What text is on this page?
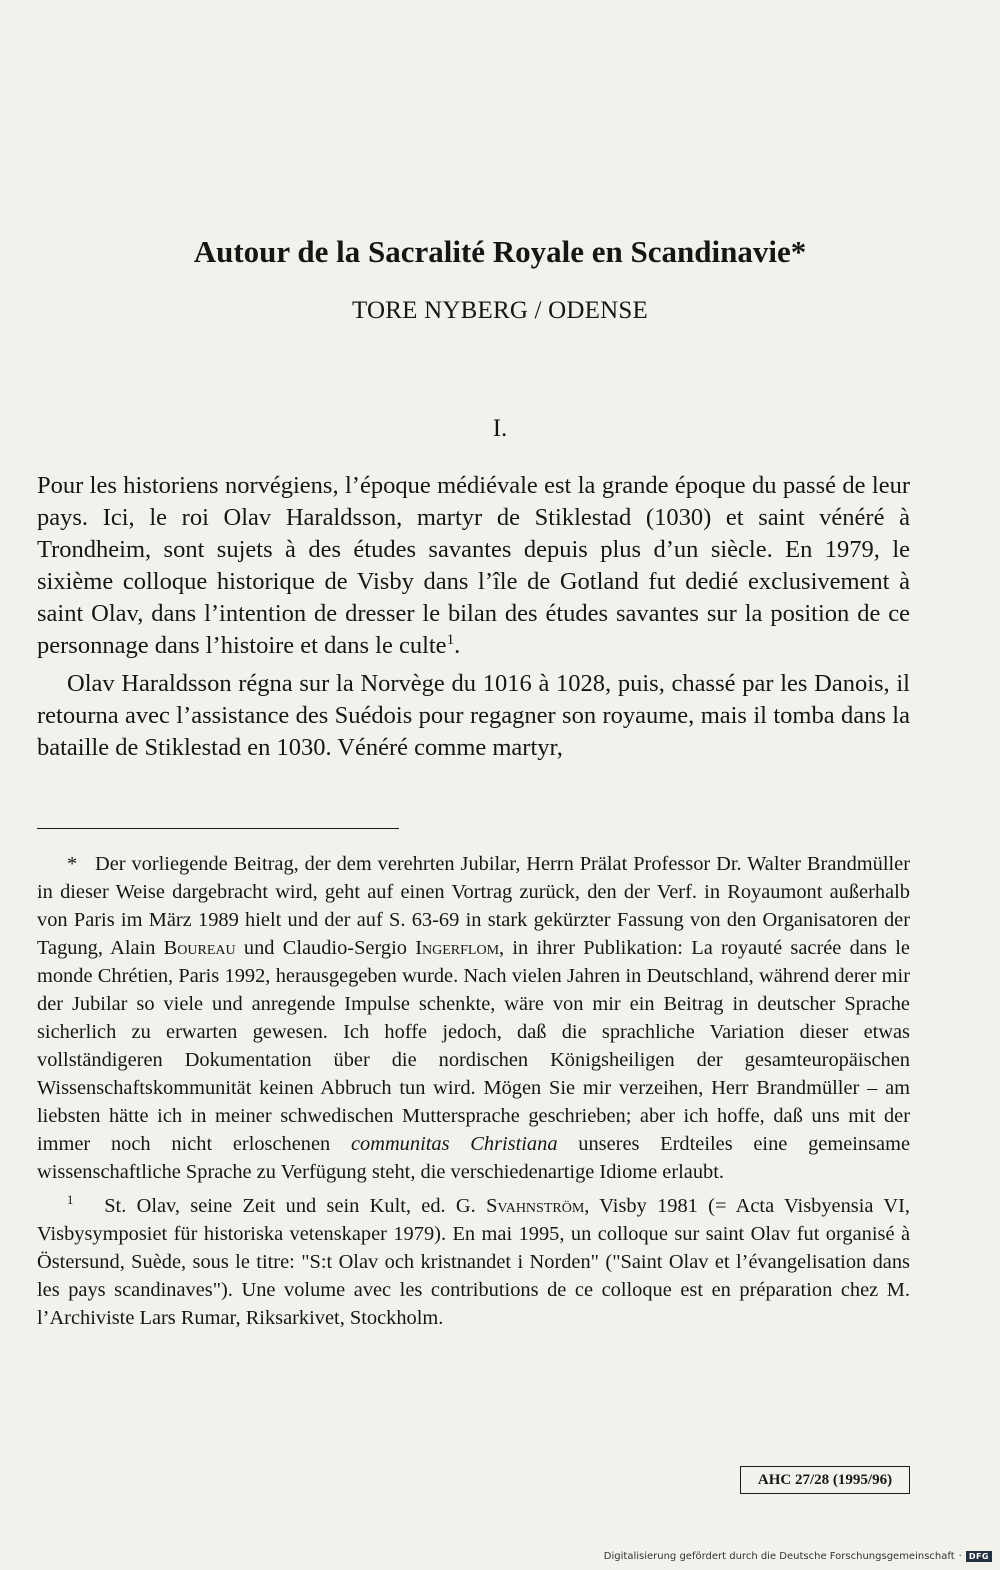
Autour de la Sacralité Royale en Scandinavie*
TORE NYBERG / ODENSE
I.

Pour les historiens norvégiens, l’époque médiévale est la grande époque du passé de leur pays. Ici, le roi Olav Haraldsson, martyr de Stiklestad (1030) et saint vénéré à Trondheim, sont sujets à des études savantes depuis plus d’un siècle. En 1979, le sixième colloque historique de Visby dans l’île de Gotland fut dedié exclusivement à saint Olav, dans l’intention de dresser le bilan des études savantes sur la position de ce personnage dans l’histoire et dans le culte$^1$.

Olav Haraldsson régna sur la Norvège du 1016 à 1028, puis, chassé par les Danois, il retourna avec l’assistance des Suédois pour regagner son royaume, mais il tomba dans la bataille de Stiklestad en 1030. Vénéré comme martyr,

* Der vorliegende Beitrag, der dem verehrten Jubilar, Herrn Prälat Professor Dr. Walter Brandmüller in dieser Weise dargebracht wird, geht auf einen Vortrag zurück, den der Verf. in Royaumont außerhalb von Paris im März 1989 hielt und der auf S. 63-69 in stark gekürzter Fassung von den Organisatoren der Tagung, Alain Boureau und Claudio-Sergio Ingerflom, in ihrer Publikation: La royauté sacrée dans le monde Chrétien, Paris 1992, herausgegeben wurde. Nach vielen Jahren in Deutschland, während derer mir der Jubilar so viele und anregende Impulse schenkte, wäre von mir ein Beitrag in deutscher Sprache sicherlich zu erwarten gewesen. Ich hoffe jedoch, daß die sprachliche Variation dieser etwas vollständigeren Dokumentation über die nordischen Königsheiligen der gesamteuropäischen Wissenschaftskommunität keinen Abbruch tun wird. Mögen Sie mir verzeihen, Herr Brandmüller – am liebsten hätte ich in meiner schwedischen Muttersprache geschrieben; aber ich hoffe, daß uns mit der immer noch nicht erloschenen communitas Christiana unseres Erdteiles eine gemeinsame wissenschaftliche Sprache zu Verfügung steht, die verschiedenartige Idiome erlaubt.

$^1$ St. Olav, seine Zeit und sein Kult, ed. G. Svahnström, Visby 1981 (= Acta Visbyensia VI, Visbysymposiet für historiska vetenskaper 1979). En mai 1995, un colloque sur saint Olav fut organisé à Östersund, Suède, sous le titre: "S:t Olav och kristnandet i Norden" ("Saint Olav et l’évangelisation dans les pays scandinaves"). Une volume avec les contributions de ce colloque est en préparation chez M. l’Archiviste Lars Rumar, Riksarkivet, Stockholm.

AHC 27/28 (1995/96)
Digitalisierung gefördert durch die Deutsche Forschungsgemeinschaft · DFG
